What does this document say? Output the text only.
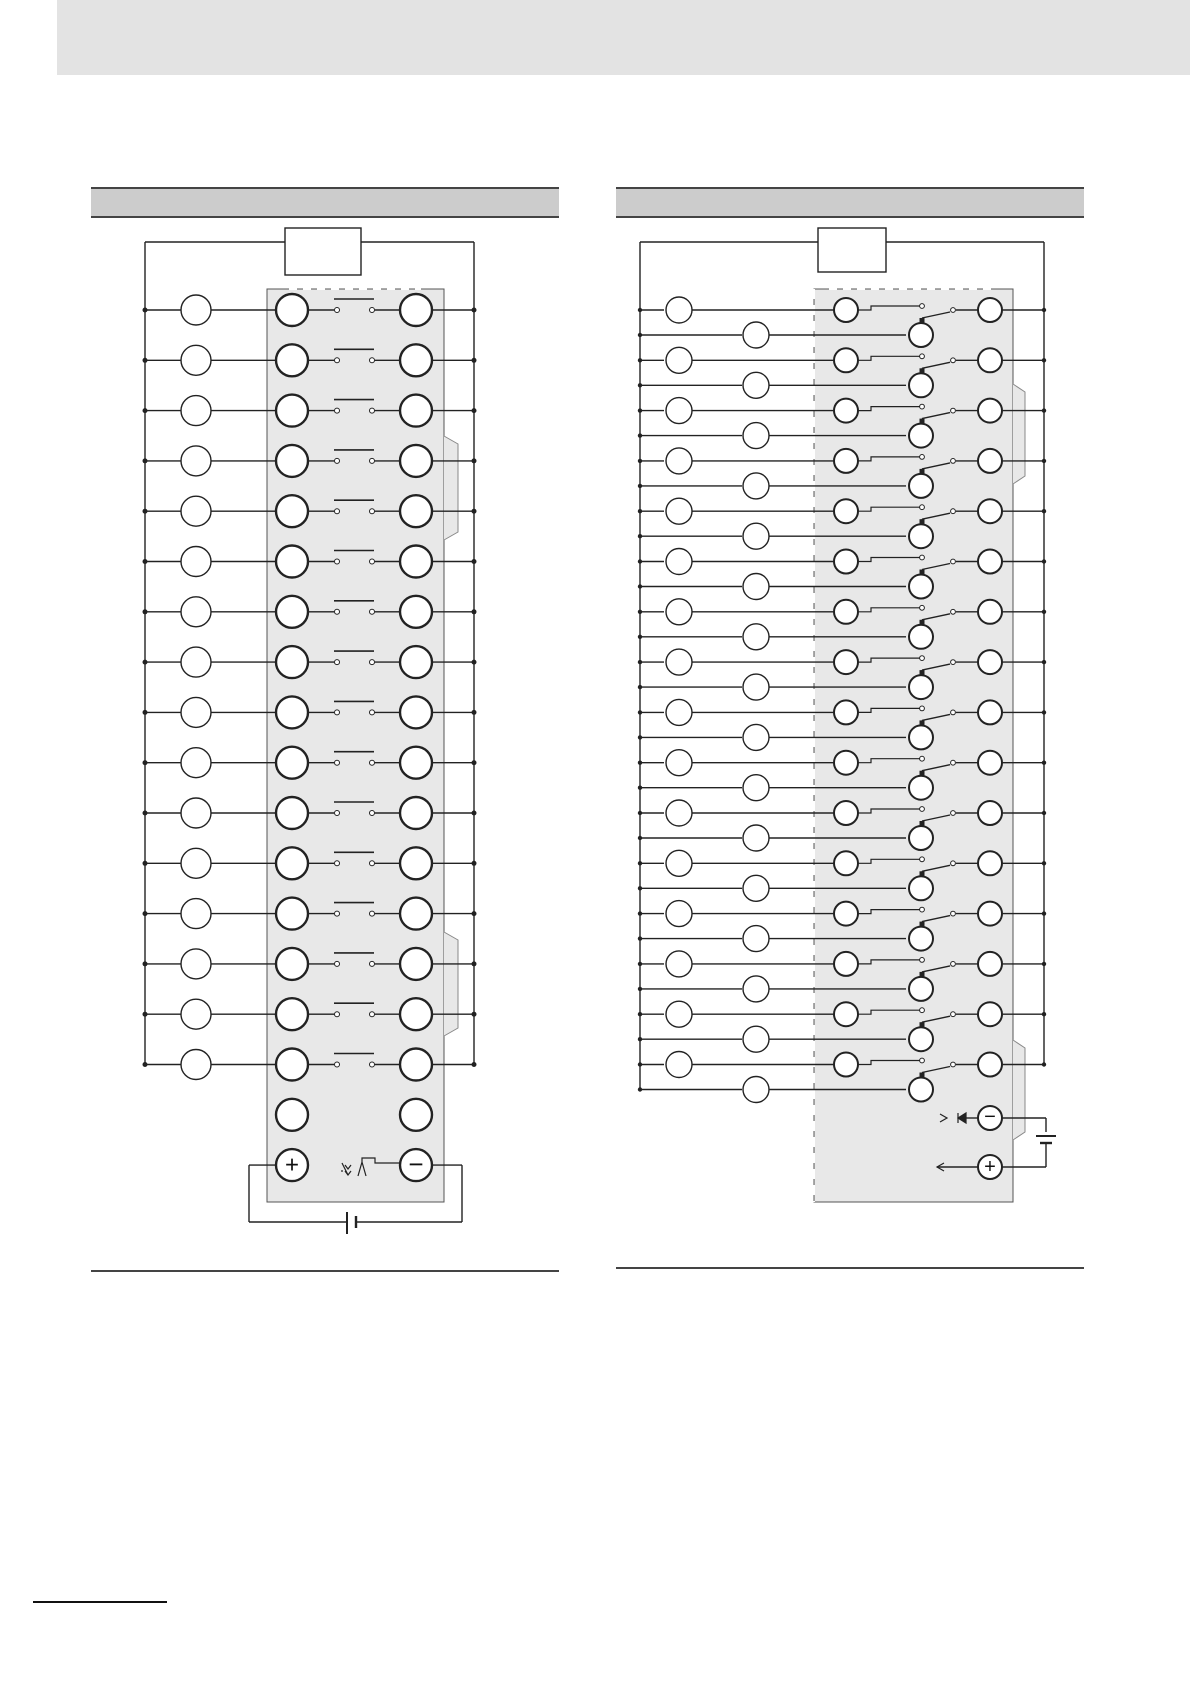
+	−
−
+
